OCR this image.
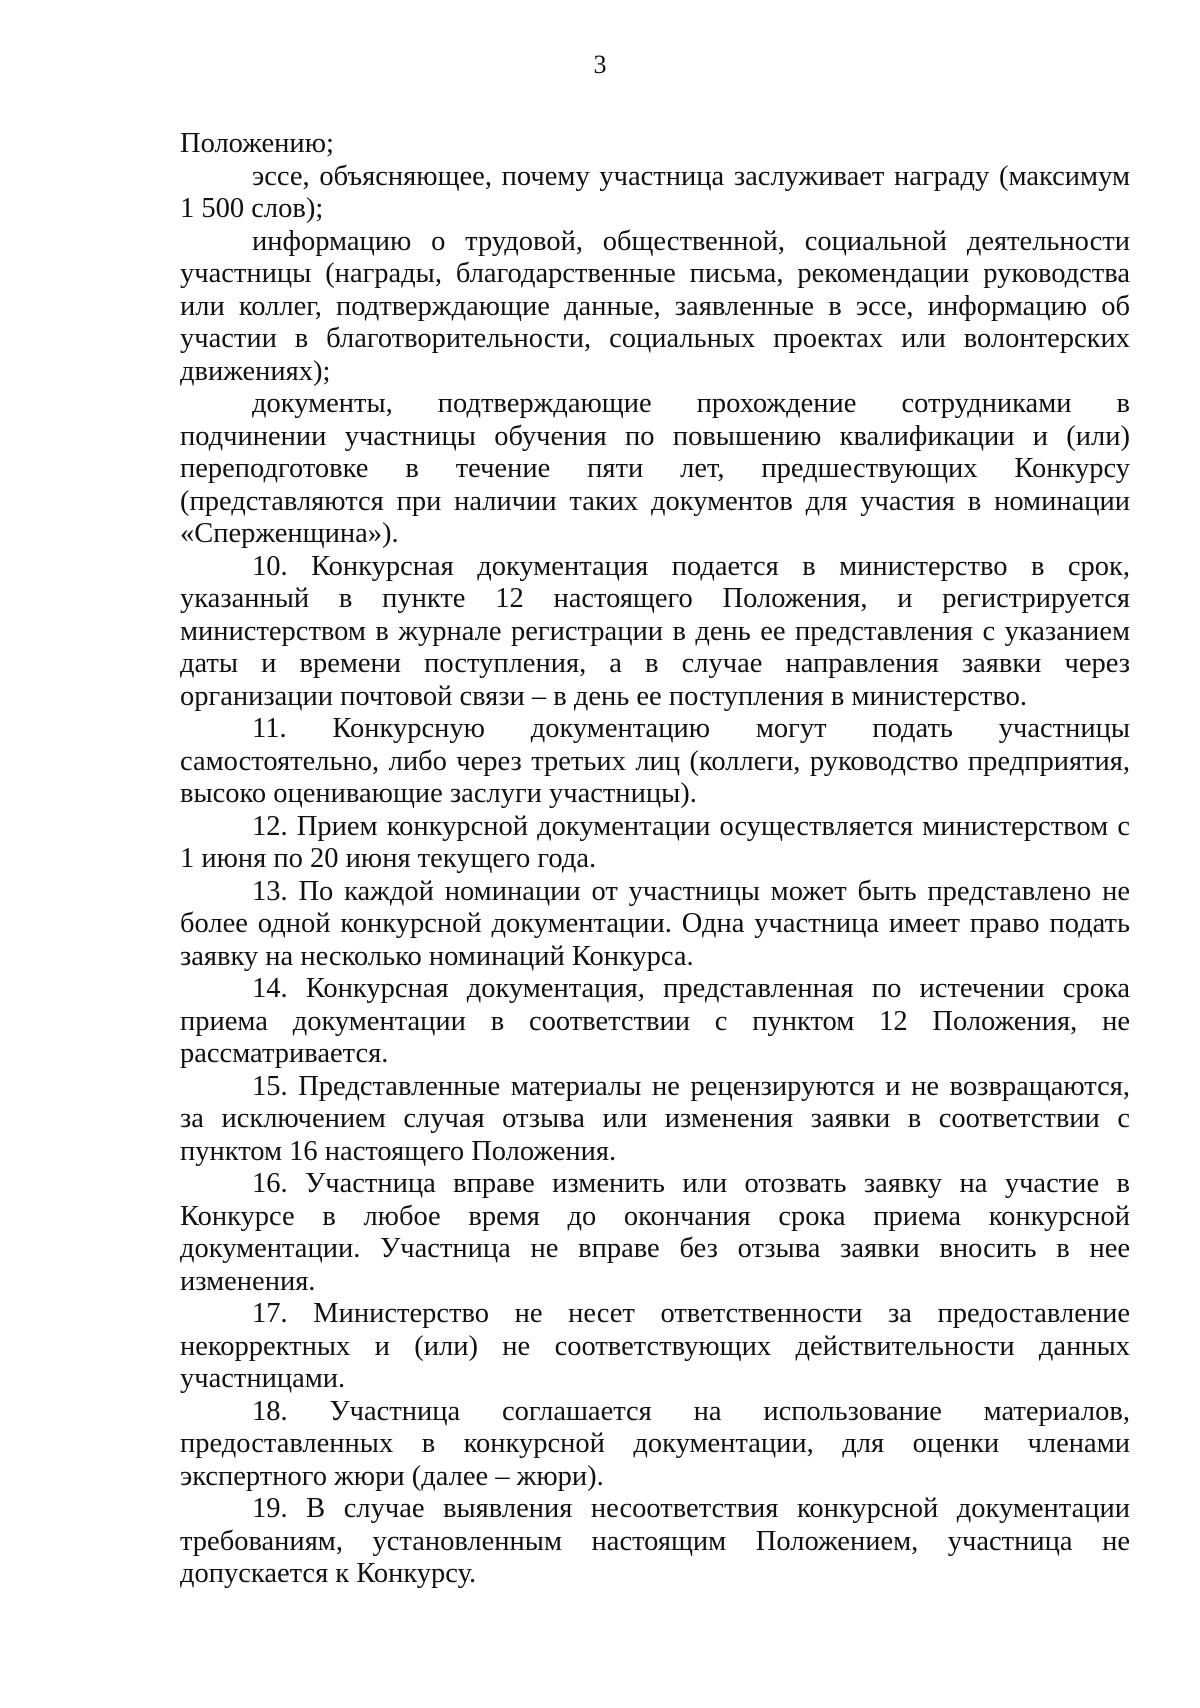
3

Положению;

эссе, объясняющее, почему участница заслуживает награду (максимум 1 500 слов);

информацию о трудовой, общественной, социальной деятельности участницы (награды, благодарственные письма, рекомендации руководства или коллег, подтверждающие данные, заявленные в эссе, информацию об участии в благотворительности, социальных проектах или волонтерских движениях);

документы, подтверждающие прохождение сотрудниками в подчинении участницы обучения по повышению квалификации и (или) переподготовке в течение пяти лет, предшествующих Конкурсу (представляются при наличии таких документов для участия в номинации «Сперженщина»).

10. Конкурсная документация подается в министерство в срок, указанный в пункте 12 настоящего Положения, и регистрируется министерством в журнале регистрации в день ее представления с указанием даты и времени поступления, а в случае направления заявки через организации почтовой связи – в день ее поступления в министерство.

11. Конкурсную документацию могут подать участницы самостоятельно, либо через третьих лиц (коллеги, руководство предприятия, высоко оценивающие заслуги участницы).

12. Прием конкурсной документации осуществляется министерством с 1 июня по 20 июня текущего года.

13. По каждой номинации от участницы может быть представлено не более одной конкурсной документации. Одна участница имеет право подать заявку на несколько номинаций Конкурса.

14. Конкурсная документация, представленная по истечении срока приема документации в соответствии с пунктом 12 Положения, не рассматривается.

15. Представленные материалы не рецензируются и не возвращаются, за исключением случая отзыва или изменения заявки в соответствии с пунктом 16 настоящего Положения.

16. Участница вправе изменить или отозвать заявку на участие в Конкурсе в любое время до окончания срока приема конкурсной документации. Участница не вправе без отзыва заявки вносить в нее изменения.

17. Министерство не несет ответственности за предоставление некорректных и (или) не соответствующих действительности данных участницами.

18. Участница соглашается на использование материалов, предоставленных в конкурсной документации, для оценки членами экспертного жюри (далее – жюри).

19. В случае выявления несоответствия конкурсной документации требованиям, установленным настоящим Положением, участница не допускается к Конкурсу.
